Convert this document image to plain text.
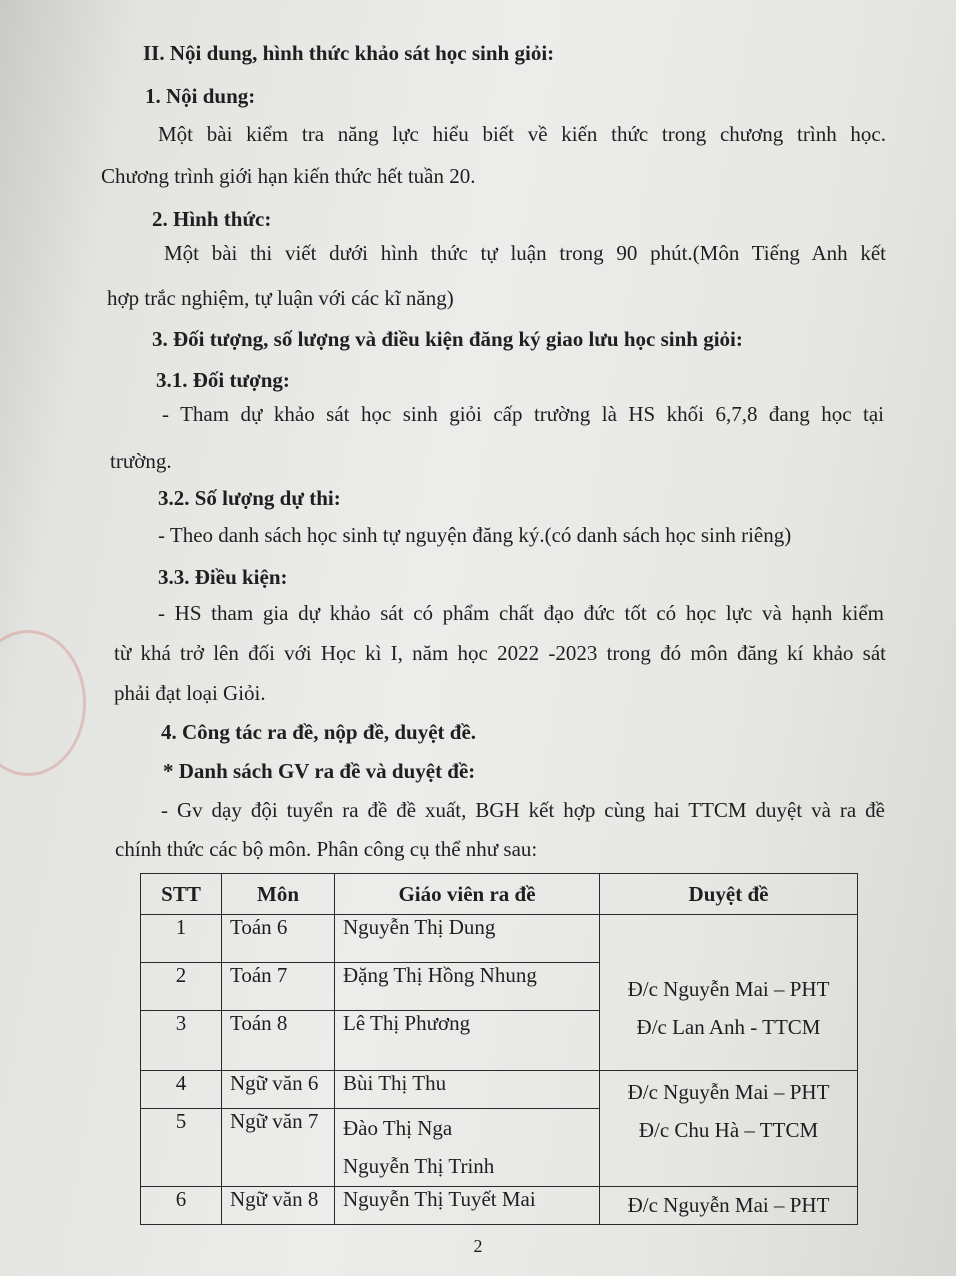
II. Nội dung, hình thức khảo sát học sinh giỏi:
1. Nội dung:
Một bài kiểm tra năng lực hiểu biết về kiến thức trong chương trình học.
Chương trình giới hạn kiến thức hết tuần 20.
2. Hình thức:
Một bài thi viết dưới hình thức tự luận trong 90 phút.(Môn Tiếng Anh kết
hợp trắc nghiệm, tự luận với các kĩ năng)
3. Đối tượng, số lượng và điều kiện đăng ký giao lưu học sinh giỏi:
3.1. Đối tượng:
- Tham dự khảo sát học sinh giỏi cấp trường là HS khối 6,7,8 đang học tại
trường.
3.2. Số lượng dự thi:
- Theo danh sách học sinh tự nguyện đăng ký.(có danh sách học sinh riêng)
3.3. Điều kiện:
- HS tham gia dự khảo sát có phẩm chất đạo đức tốt có học lực và hạnh kiểm
từ khá trở lên đối với Học kì I, năm học 2022 -2023 trong đó môn đăng kí khảo sát
phải đạt loại Giỏi.
4. Công tác ra đề, nộp đề, duyệt đề.
* Danh sách GV ra đề và duyệt đề:
- Gv dạy đội tuyển ra đề đề xuất, BGH kết hợp cùng hai TTCM duyệt và ra đề
chính thức các bộ môn. Phân công cụ thể như sau:
STT	Môn	Giáo viên ra đề	Duyệt đề
1	Toán 6	Nguyễn Thị Dung	Đ/c Nguyễn Mai – PHT
Đ/c Lan Anh - TTCM

2	Toán 7	Đặng Thị Hồng Nhung	
3	Toán 8	Lê Thị Phương	
4	Ngữ văn 6	Bùi Thị Thu	Đ/c Nguyễn Mai – PHT
Đ/c Chu Hà – TTCM

5	Ngữ văn 7	Đào Thị Nga
Nguyễn Thị Trinh	

6	Ngữ văn 8	Nguyễn Thị Tuyết Mai	Đ/c Nguyễn Mai – PHT
2
